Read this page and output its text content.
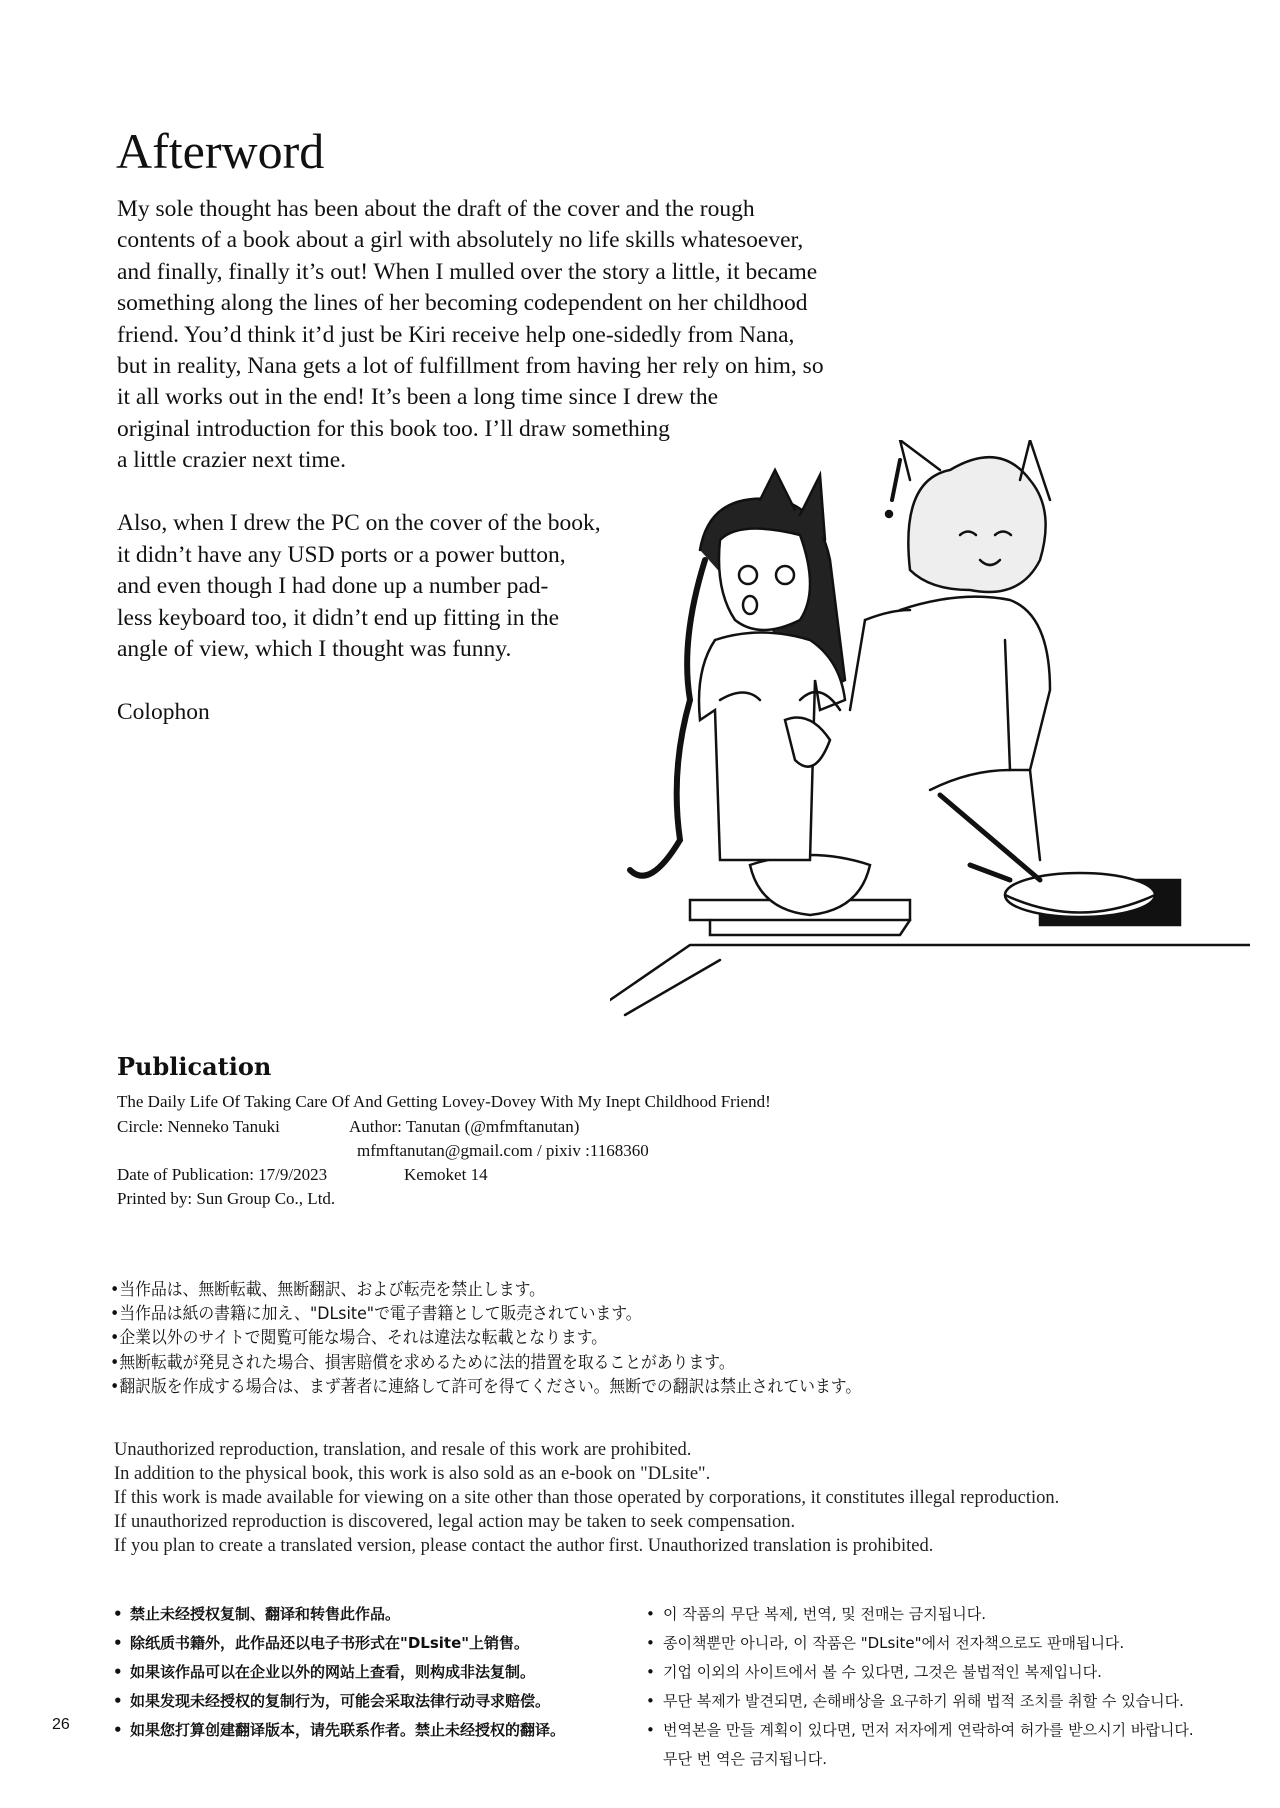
Afterword
My sole thought has been about the draft of the cover and the rough
contents of a book about a girl with absolutely no life skills whatesoever,
and finally, finally it’s out! When I mulled over the story a little, it became
something along the lines of her becoming codependent on her childhood
friend. You’d think it’d just be Kiri receive help one-sidedly from Nana,
but in reality, Nana gets a lot of fulfillment from having her rely on him, so
it all works out in the end! It’s been a long time since I drew the
original introduction for this book too. I’ll draw something
a little crazier next time.
Also, when I drew the PC on the cover of the book,
it didn’t have any USD ports or a power button,
and even though I had done up a number pad-
less keyboard too, it didn’t end up fitting in the
angle of view, which I thought was funny.
Colophon
Publication
The Daily Life Of Taking Care Of And Getting Lovey-Dovey With My Inept Childhood Friend!
Circle: Nenneko Tanuki	Author: Tanutan (@mfmftanutan)
mfmftanutan@gmail.com / pixiv :1168360
Date of Publication: 17/9/2023	Kemoket 14
Printed by: Sun Group Co., Ltd.
•当作品は、無断転載、無断翻訳、および転売を禁止します。
•当作品は紙の書籍に加え、"DLsite"で電子書籍として販売されています。
•企業以外のサイトで閲覧可能な場合、それは違法な転載となります。
•無断転載が発見された場合、損害賠償を求めるために法的措置を取ることがあります。
•翻訳版を作成する場合は、まず著者に連絡して許可を得てください。無断での翻訳は禁止されています。
Unauthorized reproduction, translation, and resale of this work are prohibited.
In addition to the physical book, this work is also sold as an e-book on "DLsite".
If this work is made available for viewing on a site other than those operated by corporations, it constitutes illegal reproduction.
If unauthorized reproduction is discovered, legal action may be taken to seek compensation.
If you plan to create a translated version, please contact the author first. Unauthorized translation is prohibited.
• 禁止未经授权复制、翻译和转售此作品。
• 除纸质书籍外，此作品还以电子书形式在"DLsite"上销售。
• 如果该作品可以在企业以外的网站上查看，则构成非法复制。
• 如果发现未经授权的复制行为，可能会采取法律行动寻求赔偿。
• 如果您打算创建翻译版本，请先联系作者。禁止未经授权的翻译。
• 이 작품의 무단 복제, 번역, 및 전매는 금지됩니다.
• 종이책뿐만 아니라, 이 작품은 "DLsite"에서 전자책으로도 판매됩니다.
• 기업 이외의 사이트에서 볼 수 있다면, 그것은 불법적인 복제입니다.
• 무단 복제가 발견되면, 손해배상을 요구하기 위해 법적 조치를 취할 수 있습니다.
• 번역본을 만들 계획이 있다면, 먼저 저자에게 연락하여 허가를 받으시기 바랍니다.
무단 번 역은 금지됩니다.
26
